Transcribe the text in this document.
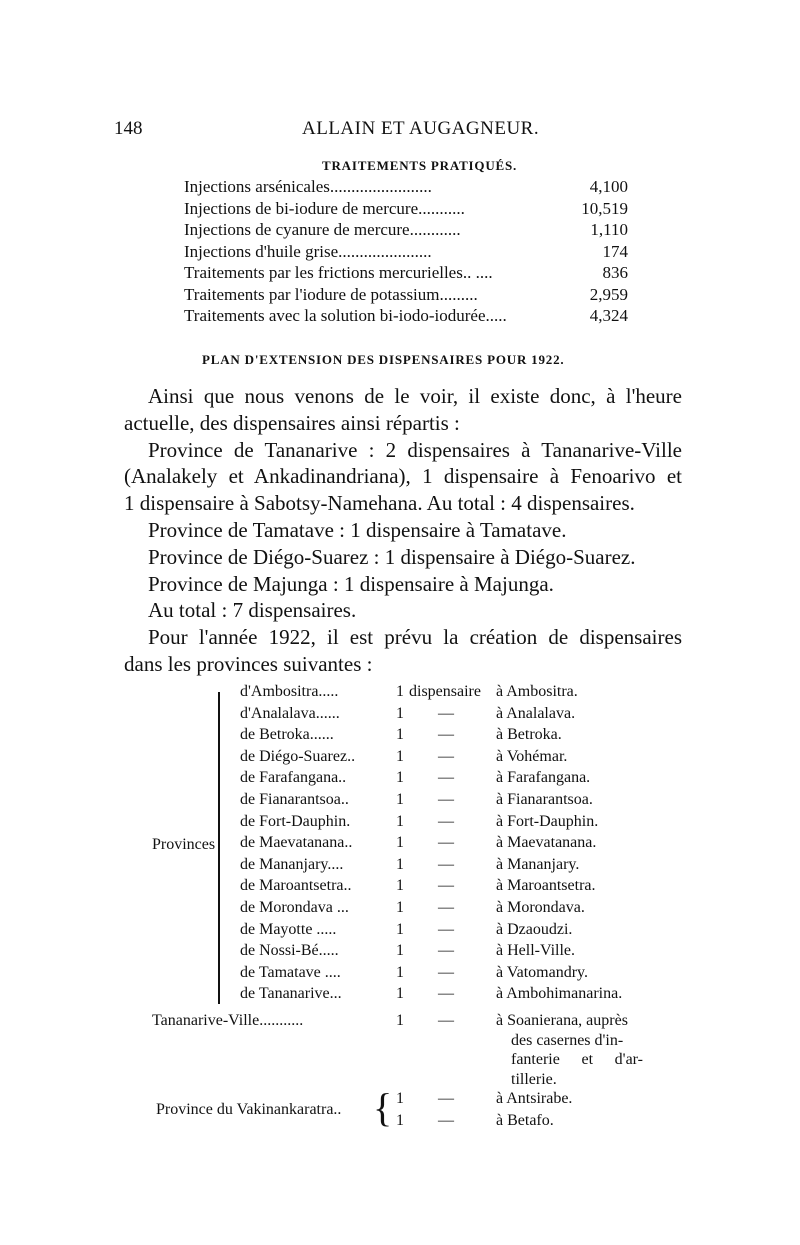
148	ALLAIN ET AUGAGNEUR.
TRAITEMENTS PRATIQUÉS.
Injections arsénicales........................	4,100
Injections de bi-iodure de mercure...........	10,519
Injections de cyanure de mercure............	1,110
Injections d'huile grise......................	174
Traitements par les frictions mercurielles.. ....	836
Traitements par l'iodure de potassium.........	2,959
Traitements avec la solution bi-iodo-iodurée.....	4,324
PLAN D'EXTENSION DES DISPENSAIRES POUR 1922.
Ainsi que nous venons de le voir, il existe donc, à l'heure
actuelle, des dispensaires ainsi répartis :
Province de Tananarive : 2 dispensaires à Tananarive-Ville
(Analakely et Ankadinandriana), 1 dispensaire à Fenoarivo et
1 dispensaire à Sabotsy-Namehana. Au total : 4 dispensaires.
Province de Tamatave : 1 dispensaire à Tamatave.
Province de Diégo-Suarez : 1 dispensaire à Diégo-Suarez.
Province de Majunga : 1 dispensaire à Majunga.
Au total : 7 dispensaires.
Pour l'année 1922, il est prévu la création de dispensaires
dans les provinces suivantes :
Provinces
d'Ambositra.....	1 dispensaire à Ambositra.
d'Analalava......	1 —	à Analalava.
de Betroka......	1 —	à Betroka.
de Diégo-Suarez..	1 —	à Vohémar.
de Farafangana..	1 —	à Farafangana.
de Fianarantsoa..	1 —	à Fianarantsoa.
de Fort-Dauphin.	1 —	à Fort-Dauphin.
de Maevatanana..	1 —	à Maevatanana.
de Mananjary....	1 —	à Mananjary.
de Maroantsetra..	1 —	à Maroantsetra.
de Morondava ...	1 —	à Morondava.
de Mayotte .....	1 —	à Dzaoudzi.
de Nossi-Bé.....	1 —	à Hell-Ville.
de Tamatave ....	1 —	à Vatomandry.
de Tananarive...	1 —	à Ambohimanarina.
Tananarive-Ville...........	1 —	à Soanierana, auprès
des casernes d'in-
fanterie et d'ar-
tillerie.
Province du Vakinankaratra.. { 1 —	à Antsirabe.
1 —	à Betafo.
